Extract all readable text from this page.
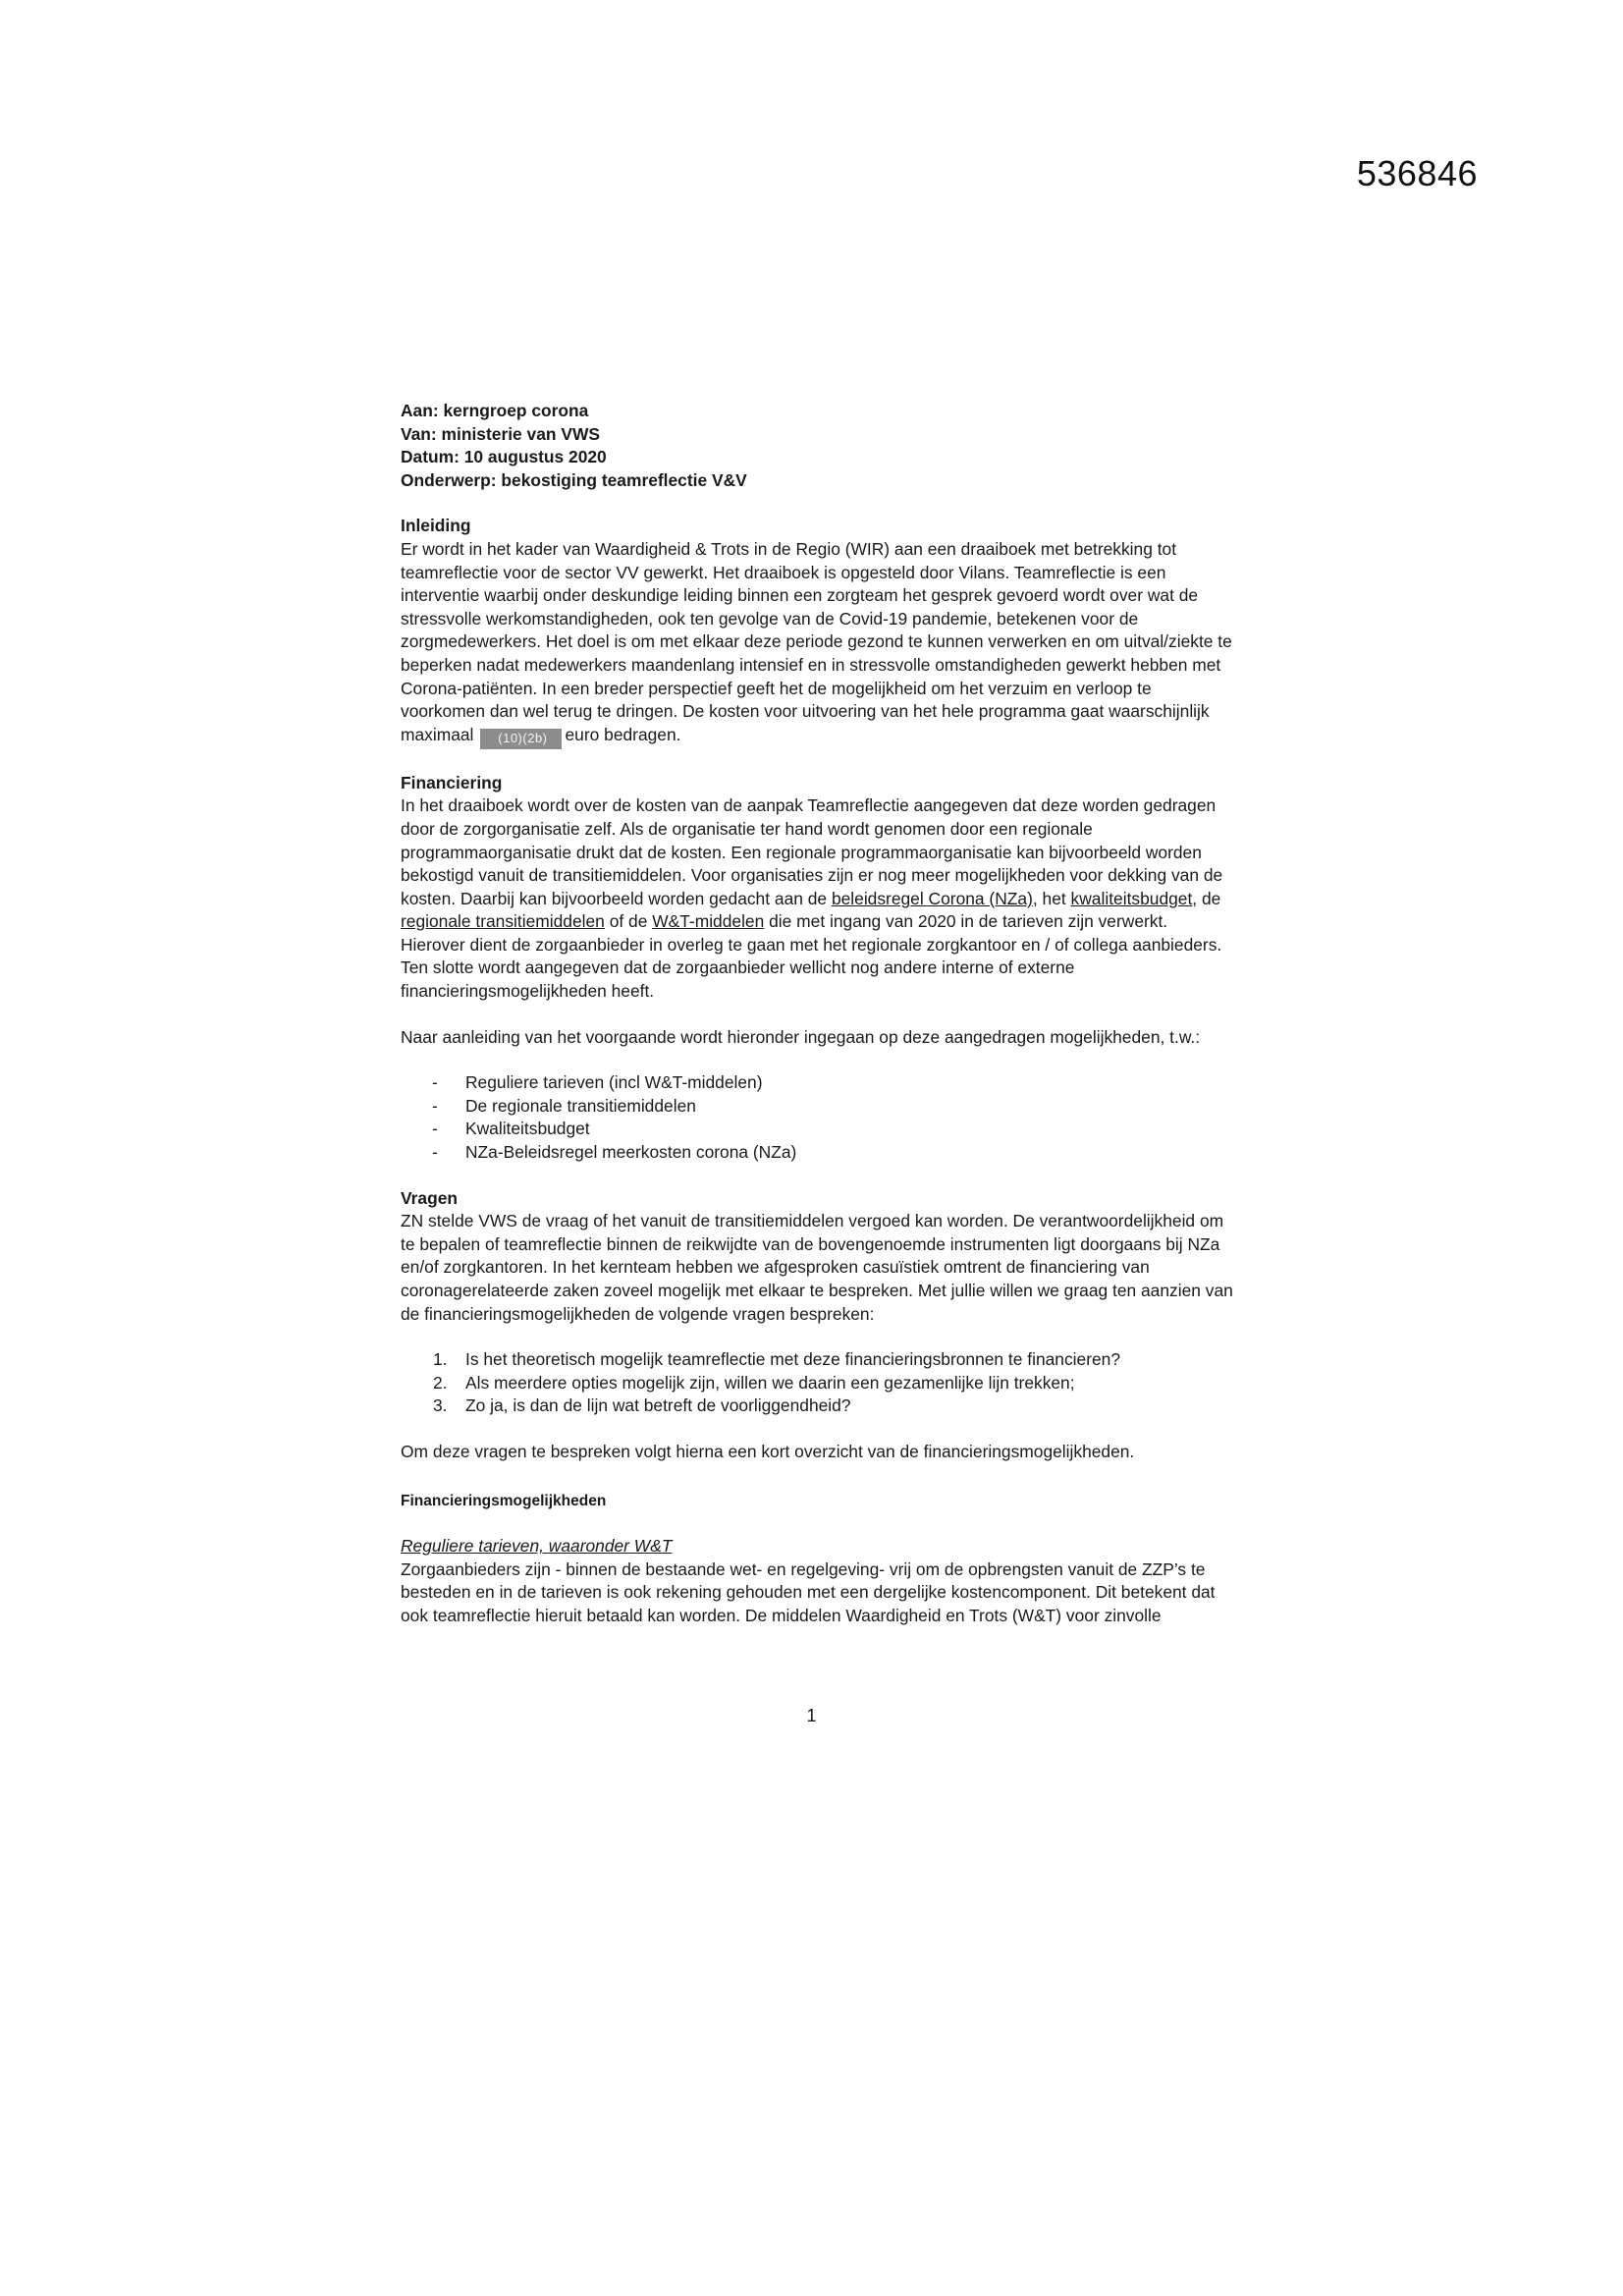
536846

Aan: kerngroep corona

Van: ministerie van VWS

Datum: 10 augustus 2020

Onderwerp: bekostiging teamreflectie V&V

Inleiding

Er wordt in het kader van Waardigheid & Trots in de Regio (WIR) aan een draaiboek met betrekking tot teamreflectie voor de sector VV gewerkt. Het draaiboek is opgesteld door Vilans. Teamreflectie is een interventie waarbij onder deskundige leiding binnen een zorgteam het gesprek gevoerd wordt over wat de stressvolle werkomstandigheden, ook ten gevolge van de Covid-19 pandemie, betekenen voor de zorgmedewerkers. Het doel is om met elkaar deze periode gezond te kunnen verwerken en om uitval/ziekte te beperken nadat medewerkers maandenlang intensief en in stressvolle omstandigheden gewerkt hebben met Corona-patiënten. In een breder perspectief geeft het de mogelijkheid om het verzuim en verloop te voorkomen dan wel terug te dringen. De kosten voor uitvoering van het hele programma gaat waarschijnlijk maximaal (10)(2b) euro bedragen.

Financiering

In het draaiboek wordt over de kosten van de aanpak Teamreflectie aangegeven dat deze worden gedragen door de zorgorganisatie zelf. Als de organisatie ter hand wordt genomen door een regionale programmaorganisatie drukt dat de kosten. Een regionale programmaorganisatie kan bijvoorbeeld worden bekostigd vanuit de transitiemiddelen. Voor organisaties zijn er nog meer mogelijkheden voor dekking van de kosten. Daarbij kan bijvoorbeeld worden gedacht aan de beleidsregel Corona (NZa), het kwaliteitsbudget, de regionale transitiemiddelen of de W&T-middelen die met ingang van 2020 in de tarieven zijn verwerkt. Hierover dient de zorgaanbieder in overleg te gaan met het regionale zorgkantoor en / of collega aanbieders. Ten slotte wordt aangegeven dat de zorgaanbieder wellicht nog andere interne of externe financieringsmogelijkheden heeft.

Naar aanleiding van het voorgaande wordt hieronder ingegaan op deze aangedragen mogelijkheden, t.w.:

- Reguliere tarieven (incl W&T-middelen)
- De regionale transitiemiddelen
- Kwaliteitsbudget
- NZa-Beleidsregel meerkosten corona (NZa)
Vragen

ZN stelde VWS de vraag of het vanuit de transitiemiddelen vergoed kan worden. De verantwoordelijkheid om te bepalen of teamreflectie binnen de reikwijdte van de bovengenoemde instrumenten ligt doorgaans bij NZa en/of zorgkantoren. In het kernteam hebben we afgesproken casuïstiek omtrent de financiering van coronagerelateerde zaken zoveel mogelijk met elkaar te bespreken. Met jullie willen we graag ten aanzien van de financieringsmogelijkheden de volgende vragen bespreken:

1. Is het theoretisch mogelijk teamreflectie met deze financieringsbronnen te financieren?
2. Als meerdere opties mogelijk zijn, willen we daarin een gezamenlijke lijn trekken;
3. Zo ja, is dan de lijn wat betreft de voorliggendheid?

Om deze vragen te bespreken volgt hierna een kort overzicht van de financieringsmogelijkheden.

Financieringsmogelijkheden
Reguliere tarieven, waaronder W&T

Zorgaanbieders zijn - binnen de bestaande wet- en regelgeving- vrij om de opbrengsten vanuit de ZZP’s te besteden en in de tarieven is ook rekening gehouden met een dergelijke kostencomponent. Dit betekent dat ook teamreflectie hieruit betaald kan worden. De middelen Waardigheid en Trots (W&T) voor zinvolle

1
